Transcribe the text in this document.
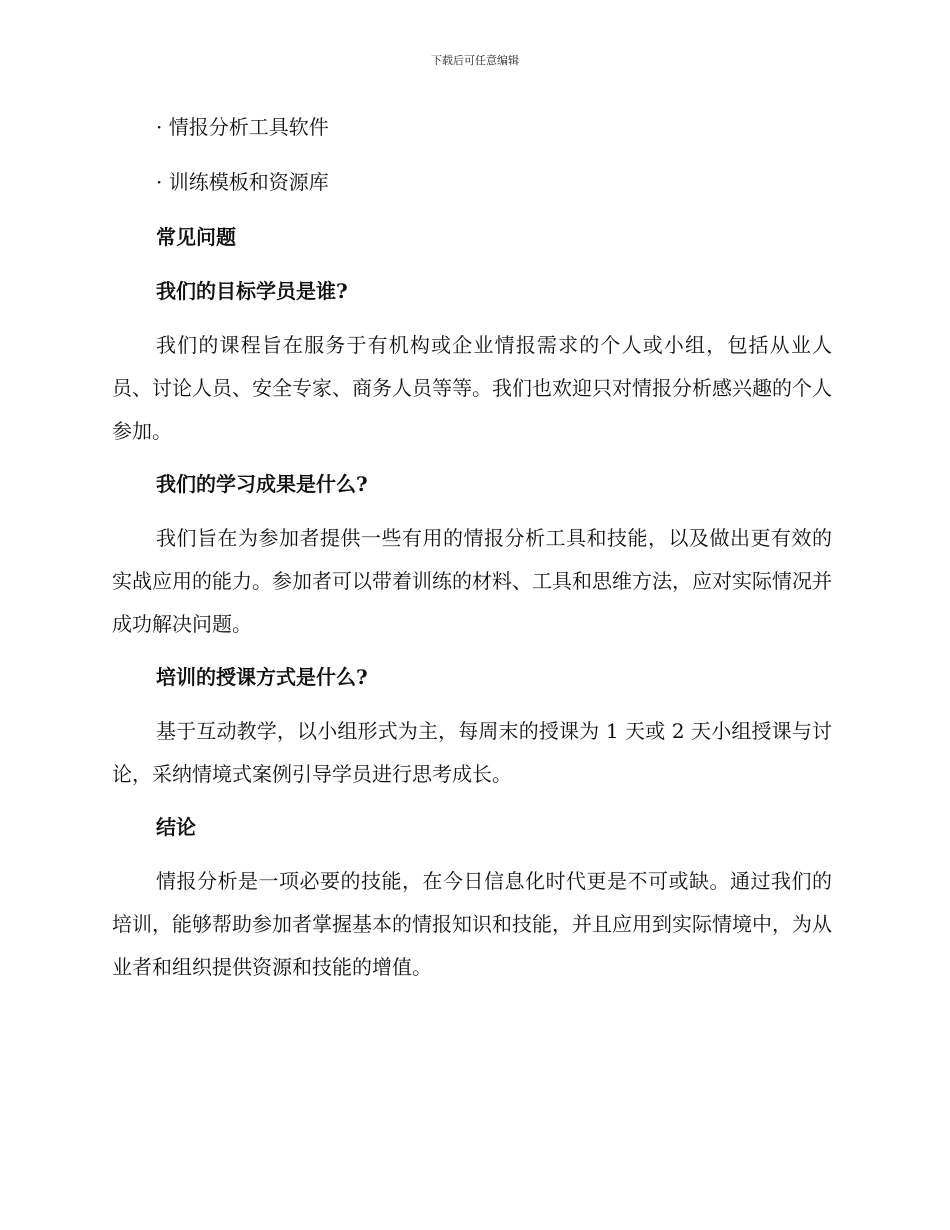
下载后可任意编辑

· 情报分析工具软件

· 训练模板和资源库

常见问题

我们的目标学员是谁?

我们的课程旨在服务于有机构或企业情报需求的个人或小组，包括从业人员、讨论人员、安全专家、商务人员等等。我们也欢迎只对情报分析感兴趣的个人参加。

我们的学习成果是什么?

我们旨在为参加者提供一些有用的情报分析工具和技能，以及做出更有效的实战应用的能力。参加者可以带着训练的材料、工具和思维方法，应对实际情况并成功解决问题。

培训的授课方式是什么?

基于互动教学，以小组形式为主，每周末的授课为 1 天或 2 天小组授课与讨论，采纳情境式案例引导学员进行思考成长。

结论

情报分析是一项必要的技能，在今日信息化时代更是不可或缺。通过我们的培训，能够帮助参加者掌握基本的情报知识和技能，并且应用到实际情境中，为从业者和组织提供资源和技能的增值。
